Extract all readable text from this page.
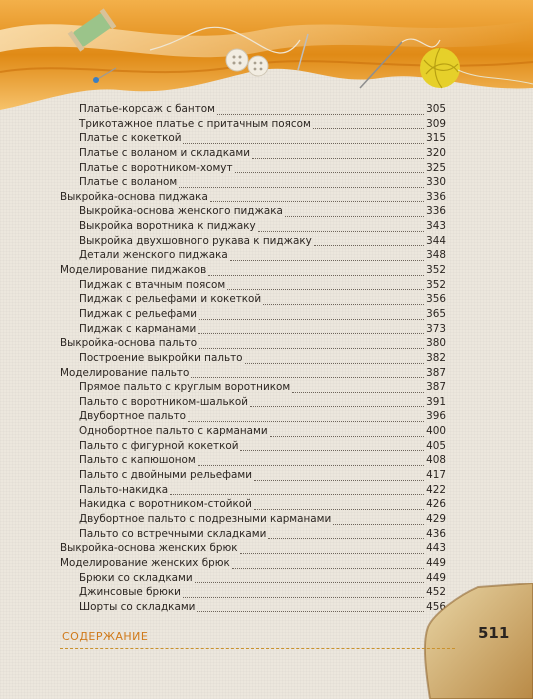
Платье-корсаж с бантом	305
Трикотажное платье с притачным поясом	309
Платье с кокеткой	315
Платье с воланом и складками	320
Платье с воротником-хомут	325
Платье с воланом	330
Выкройка-основа пиджака	336
Выкройка-основа женского пиджака	336
Выкройка воротника к пиджаку	343
Выкройка двухшовного рукава к пиджаку	344
Детали женского пиджака	348
Моделирование пиджаков	352
Пиджак с втачным поясом	352
Пиджак с рельефами и кокеткой	356
Пиджак с рельефами	365
Пиджак с карманами	373
Выкройка-основа пальто	380
Построение выкройки пальто	382
Моделирование пальто	387
Прямое пальто с круглым воротником	387
Пальто с воротником-шалькой	391
Двубортное пальто	396
Однобортное пальто с карманами	400
Пальто с фигурной кокеткой	405
Пальто с капюшоном	408
Пальто с двойными рельефами	417
Пальто-накидка	422
Накидка с воротником-стойкой	426
Двубортное пальто с подрезными карманами	429
Пальто со встречными складками	436
Выкройка-основа женских брюк	443
Моделирование женских брюк	449
Брюки со складками	449
Джинсовые брюки	452
Шорты со складками	456
СОДЕРЖАНИЕ	511
